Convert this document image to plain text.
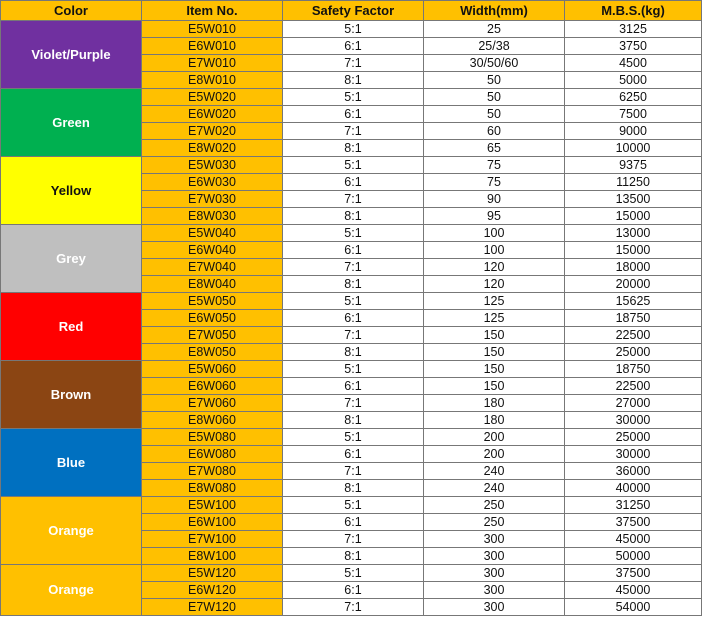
Color	Item No.	Safety Factor	Width(mm)	M.B.S.(kg)
Violet/Purple	E5W010	5:1	25	3125
	E6W010	6:1	25/38	3750
	E7W010	7:1	30/50/60	4500
	E8W010	8:1	50	5000
Green	E5W020	5:1	50	6250
	E6W020	6:1	50	7500
	E7W020	7:1	60	9000
	E8W020	8:1	65	10000
Yellow	E5W030	5:1	75	9375
	E6W030	6:1	75	11250
	E7W030	7:1	90	13500
	E8W030	8:1	95	15000
Grey	E5W040	5:1	100	13000
	E6W040	6:1	100	15000
	E7W040	7:1	120	18000
	E8W040	8:1	120	20000
Red	E5W050	5:1	125	15625
	E6W050	6:1	125	18750
	E7W050	7:1	150	22500
	E8W050	8:1	150	25000
Brown	E5W060	5:1	150	18750
	E6W060	6:1	150	22500
	E7W060	7:1	180	27000
	E8W060	8:1	180	30000
Blue	E5W080	5:1	200	25000
	E6W080	6:1	200	30000
	E7W080	7:1	240	36000
	E8W080	8:1	240	40000
Orange	E5W100	5:1	250	31250
	E6W100	6:1	250	37500
	E7W100	7:1	300	45000
	E8W100	8:1	300	50000
Orange	E5W120	5:1	300	37500
	E6W120	6:1	300	45000
	E7W120	7:1	300	54000
